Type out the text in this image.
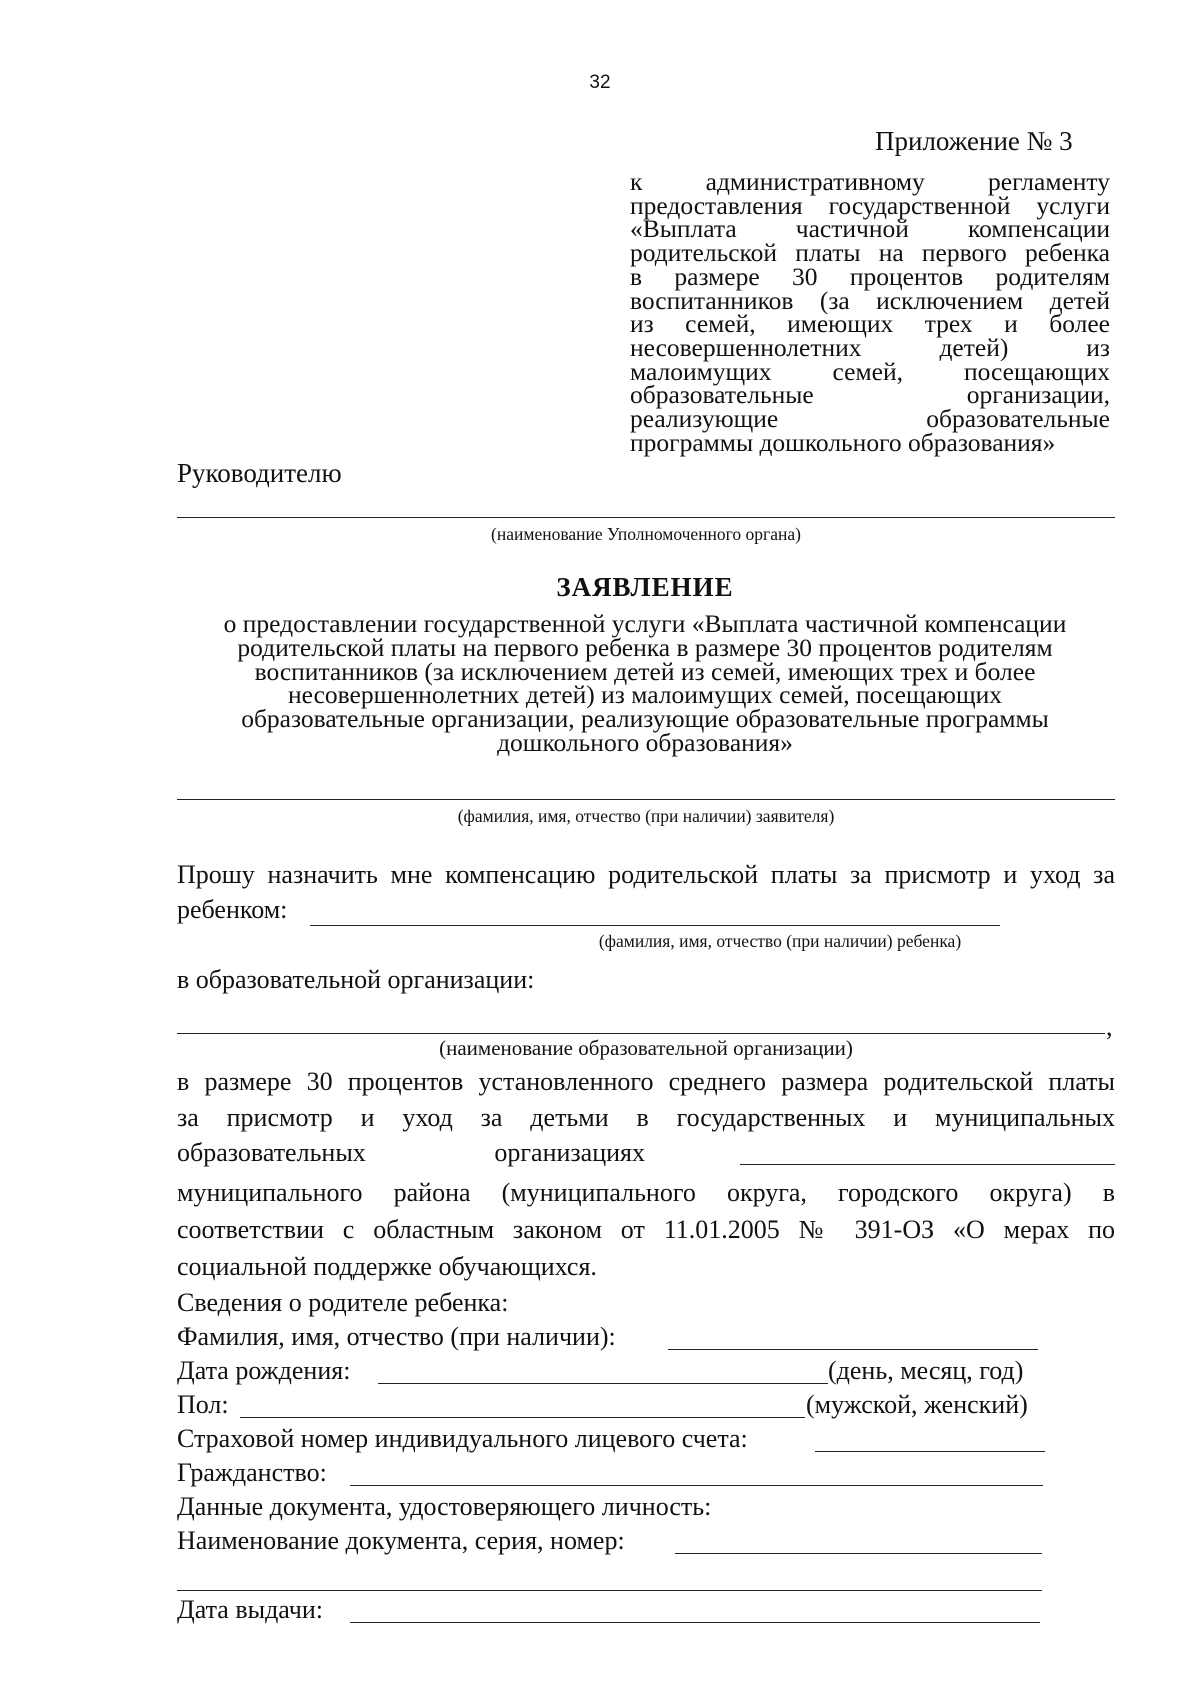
32
Приложение № 3
к административному регламенту
предоставления государственной услуги
«Выплата частичной компенсации
родительской платы на первого ребенка
в размере 30 процентов родителям
воспитанников (за исключением детей
из семей, имеющих трех и более
несовершеннолетних детей) из
малоимущих семей, посещающих
образовательные организации,
реализующие образовательные
программы дошкольного образования»
Руководителю
(наименование Уполномоченного органа)
ЗАЯВЛЕНИЕ
о предоставлении государственной услуги «Выплата частичной компенсации
родительской платы на первого ребенка в размере 30 процентов родителям
воспитанников (за исключением детей из семей, имеющих трех и более
несовершеннолетних детей) из малоимущих семей, посещающих
образовательные организации, реализующие образовательные программы
дошкольного образования»
(фамилия, имя, отчество (при наличии) заявителя)
Прошу назначить мне компенсацию родительской платы за присмотр и уход за
ребенком:
(фамилия, имя, отчество (при наличии) ребенка)
в образовательной организации:
,
(наименование образовательной организации)
в размере 30 процентов установленного среднего размера родительской платы
за присмотр и уход за детьми в государственных и муниципальных
образовательных организациях
муниципального района (муниципального округа, городского округа) в
соответствии с областным законом от 11.01.2005 № 391-ОЗ «О мерах по
социальной поддержке обучающихся.
Сведения о родителе ребенка:
Фамилия, имя, отчество (при наличии):
Дата рождения:	(день, месяц, год)
Пол:	(мужской, женский)
Страховой номер индивидуального лицевого счета:
Гражданство:
Данные документа, удостоверяющего личность:
Наименование документа, серия, номер:
Дата выдачи:
